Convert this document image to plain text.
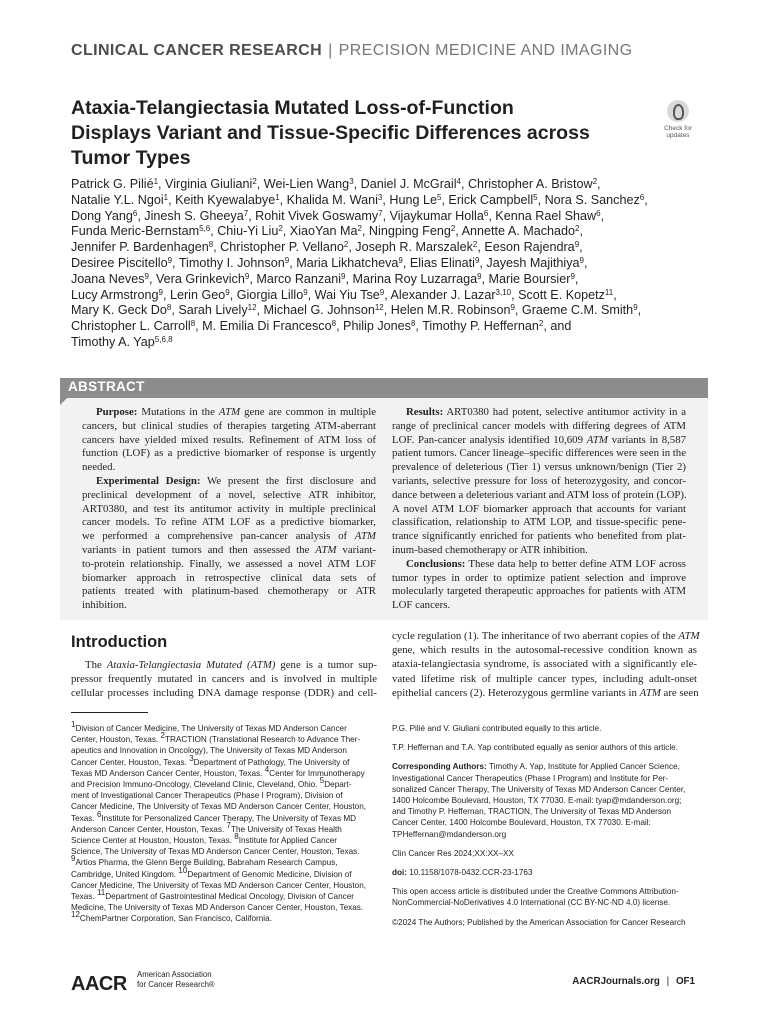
CLINICAL CANCER RESEARCH | PRECISION MEDICINE AND IMAGING
Ataxia-Telangiectasia Mutated Loss-of-Function
Displays Variant and Tissue-Specific Differences across
Tumor Types
Check for
updates
Patrick G. Pilié$^1$, Virginia Giuliani$^2$, Wei-Lien Wang$^3$, Daniel J. McGrail$^4$, Christopher A. Bristow$^2$,
Natalie Y.L. Ngoi$^1$, Keith Kyewalabye$^1$, Khalida M. Wani$^3$, Hung Le$^5$, Erick Campbell$^5$, Nora S. Sanchez$^6$,
Dong Yang$^6$, Jinesh S. Gheeya$^7$, Rohit Vivek Goswamy$^7$, Vijaykumar Holla$^6$, Kenna Rael Shaw$^6$,
Funda Meric-Bernstam$^{5,6}$, Chiu-Yi Liu$^2$, XiaoYan Ma$^2$, Ningping Feng$^2$, Annette A. Machado$^2$,
Jennifer P. Bardenhagen$^8$, Christopher P. Vellano$^2$, Joseph R. Marszalek$^2$, Eeson Rajendra$^9$,
Desiree Piscitello$^9$, Timothy I. Johnson$^9$, Maria Likhatcheva$^9$, Elias Elinati$^9$, Jayesh Majithiya$^9$,
Joana Neves$^9$, Vera Grinkevich$^9$, Marco Ranzani$^9$, Marina Roy Luzarraga$^9$, Marie Boursier$^9$,
Lucy Armstrong$^9$, Lerin Geo$^9$, Giorgia Lillo$^9$, Wai Yiu Tse$^9$, Alexander J. Lazar$^{3,10}$, Scott E. Kopetz$^{11}$,
Mary K. Geck Do$^8$, Sarah Lively$^{12}$, Michael G. Johnson$^{12}$, Helen M.R. Robinson$^9$, Graeme C.M. Smith$^9$,
Christopher L. Carroll$^8$, M. Emilia Di Francesco$^8$, Philip Jones$^8$, Timothy P. Heffernan$^2$, and
Timothy A. Yap$^{5,6,8}$
ABSTRACT
Purpose: Mutations in the ATM gene are common in multiple
cancers, but clinical studies of therapies targeting ATM-aberrant
cancers have yielded mixed results. Refinement of ATM loss of
function (LOF) as a predictive biomarker of response is urgently
needed.
Experimental Design: We present the first disclosure and
preclinical development of a novel, selective ATR inhibitor,
ART0380, and test its antitumor activity in multiple preclinical
cancer models. To refine ATM LOF as a predictive biomarker,
we performed a comprehensive pan-cancer analysis of ATM
variants in patient tumors and then assessed the ATM variant-
to-protein relationship. Finally, we assessed a novel ATM LOF
biomarker approach in retrospective clinical data sets of
patients treated with platinum-based chemotherapy or ATR
inhibition.
Results: ART0380 had potent, selective antitumor activity in a
range of preclinical cancer models with differing degrees of ATM
LOF. Pan-cancer analysis identified 10,609 ATM variants in 8,587
patient tumors. Cancer lineage–specific differences were seen in the
prevalence of deleterious (Tier 1) versus unknown/benign (Tier 2)
variants, selective pressure for loss of heterozygosity, and concor-
dance between a deleterious variant and ATM loss of protein (LOP).
A novel ATM LOF biomarker approach that accounts for variant
classification, relationship to ATM LOP, and tissue-specific pene-
trance significantly enriched for patients who benefited from plat-
inum-based chemotherapy or ATR inhibition.
Conclusions: These data help to better define ATM LOF across
tumor types in order to optimize patient selection and improve
molecularly targeted therapeutic approaches for patients with ATM
LOF cancers.
Introduction
The Ataxia-Telangiectasia Mutated (ATM) gene is a tumor sup-
pressor frequently mutated in cancers and is involved in multiple
cellular processes including DNA damage response (DDR) and cell-
cycle regulation (1). The inheritance of two aberrant copies of the ATM
gene, which results in the autosomal-recessive condition known as
ataxia-telangiectasia syndrome, is associated with a significantly ele-
vated lifetime risk of multiple cancer types, including adult-onset
epithelial cancers (2). Heterozygous germline variants in ATM are seen
$^1$Division of Cancer Medicine, The University of Texas MD Anderson Cancer
Center, Houston, Texas. $^2$TRACTION (Translational Research to Advance Ther-
apeutics and Innovation in Oncology), The University of Texas MD Anderson
Cancer Center, Houston, Texas. $^3$Department of Pathology, The University of
Texas MD Anderson Cancer Center, Houston, Texas. $^4$Center for Immunotherapy
and Precision Immuno-Oncology, Cleveland Clinic, Cleveland, Ohio. $^5$Depart-
ment of Investigational Cancer Therapeutics (Phase I Program), Division of
Cancer Medicine, The University of Texas MD Anderson Cancer Center, Houston,
Texas. $^6$Institute for Personalized Cancer Therapy, The University of Texas MD
Anderson Cancer Center, Houston, Texas. $^7$The University of Texas Health
Science Center at Houston, Houston, Texas. $^8$Institute for Applied Cancer
Science, The University of Texas MD Anderson Cancer Center, Houston, Texas.
$^9$Artios Pharma, the Glenn Berge Building, Babraham Research Campus,
Cambridge, United Kingdom. $^{10}$Department of Genomic Medicine, Division of
Cancer Medicine, The University of Texas MD Anderson Cancer Center, Houston,
Texas. $^{11}$Department of Gastrointestinal Medical Oncology, Division of Cancer
Medicine, The University of Texas MD Anderson Cancer Center, Houston, Texas.
$^{12}$ChemPartner Corporation, San Francisco, California.
P.G. Pilié and V. Giuliani contributed equally to this article.
T.P. Heffernan and T.A. Yap contributed equally as senior authors of this article.
Corresponding Authors: Timothy A. Yap, Institute for Applied Cancer Science,
Investigational Cancer Therapeutics (Phase I Program) and Institute for Per-
sonalized Cancer Therapy, The University of Texas MD Anderson Cancer Center,
1400 Holcombe Boulevard, Houston, TX 77030. E-mail: tyap@mdanderson.org;
and Timothy P. Heffernan, TRACTION, The University of Texas MD Anderson
Cancer Center, 1400 Holcombe Boulevard, Houston, TX 77030. E-mail:
TPHeffernan@mdanderson.org
Clin Cancer Res 2024;XX:XX–XX
doi: 10.1158/1078-0432.CCR-23-1763
This open access article is distributed under the Creative Commons Attribution-
NonCommercial-NoDerivatives 4.0 International (CC BY-NC-ND 4.0) license.
©2024 The Authors; Published by the American Association for Cancer Research
AACR American Association
for Cancer Research®	AACRJournals.org | OF1
